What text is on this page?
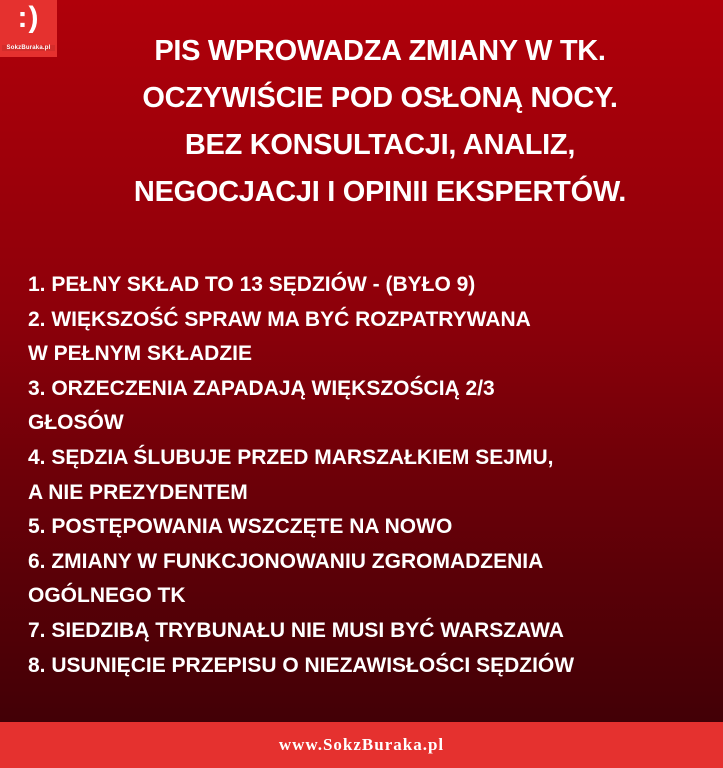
:)
SokzBuraka.pl	PIS WPROWADZA ZMIANY W TK.
OCZYWIŚCIE POD OSŁONĄ NOCY.
BEZ KONSULTACJI, ANALIZ,
NEGOCJACJI I OPINII EKSPERTÓW.
1. PEŁNY SKŁAD TO 13 SĘDZIÓW - (BYŁO 9)
2. WIĘKSZOŚĆ SPRAW MA BYĆ ROZPATRYWANA
W PEŁNYM SKŁADZIE
3. ORZECZENIA ZAPADAJĄ WIĘKSZOŚCIĄ 2/3
GŁOSÓW
4. SĘDZIA ŚLUBUJE PRZED MARSZAŁKIEM SEJMU,
A NIE PREZYDENTEM
5. POSTĘPOWANIA WSZCZĘTE NA NOWO
6. ZMIANY W FUNKCJONOWANIU ZGROMADZENIA
OGÓLNEGO TK
7. SIEDZIBĄ TRYBUNAŁU NIE MUSI BYĆ WARSZAWA
8. USUNIĘCIE PRZEPISU O NIEZAWISŁOŚCI SĘDZIÓW
www.SokzBuraka.pl
